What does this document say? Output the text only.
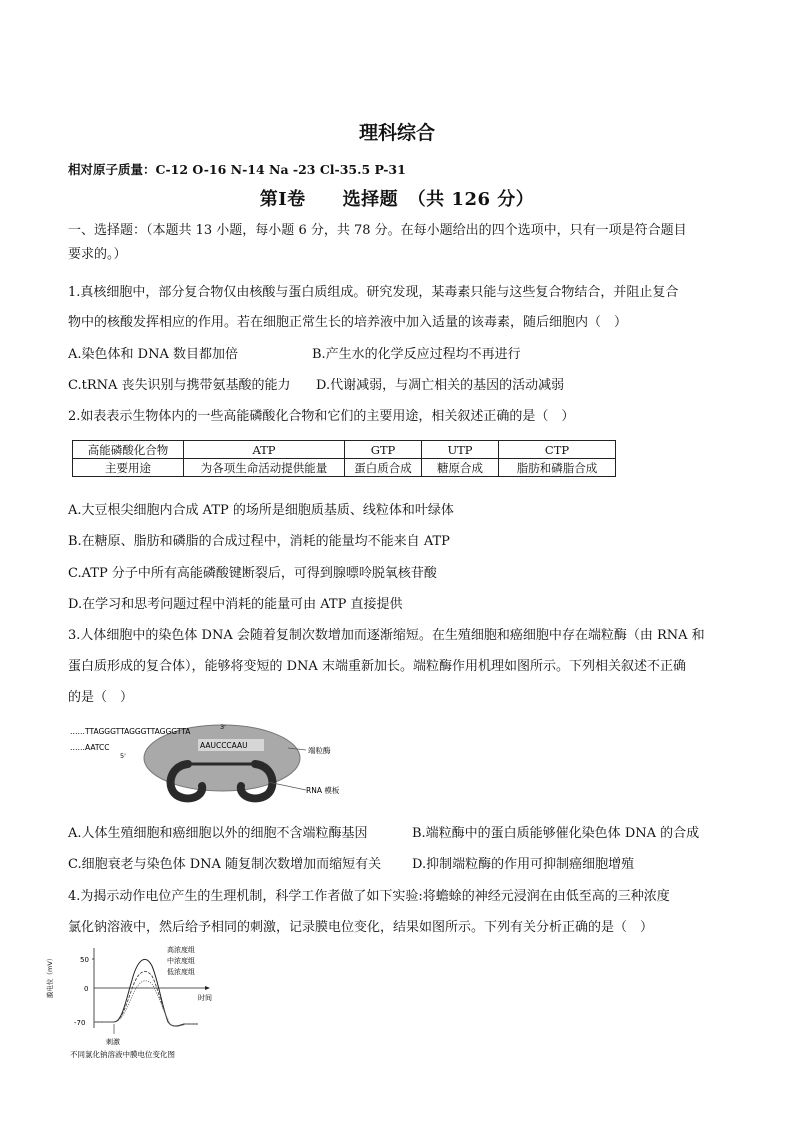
理科综合
相对原子质量：C-12 O-16 N-14 Na -23 Cl-35.5 P-31
第Ⅰ卷　　选择题　（共 126 分）
一、选择题：（本题共 13 小题，每小题 6 分，共 78 分。在每小题给出的四个选项中，只有一项是符合题目
要求的。）
1.真核细胞中，部分复合物仅由核酸与蛋白质组成。研究发现，某毒素只能与这些复合物结合，并阻止复合
物中的核酸发挥相应的作用。若在细胞正常生长的培养液中加入适量的该毒素，随后细胞内（　）
A.染色体和 DNA 数目都加倍	B.产生水的化学反应过程均不再进行
C.tRNA 丧失识别与携带氨基酸的能力 D.代谢减弱，与凋亡相关的基因的活动减弱
2.如表表示生物体内的一些高能磷酸化合物和它们的主要用途，相关叙述正确的是（　）
高能磷酸化合物	ATP	GTP	UTP	CTP
主要用途	为各项生命活动提供能量	蛋白质合成	糖原合成	脂肪和磷脂合成
A.大豆根尖细胞内合成 ATP 的场所是细胞质基质、线粒体和叶绿体
B.在糖原、脂肪和磷脂的合成过程中，消耗的能量均不能来自 ATP
C.ATP 分子中所有高能磷酸键断裂后，可得到腺嘌呤脱氧核苷酸
D.在学习和思考问题过程中消耗的能量可由 ATP 直接提供
3.人体细胞中的染色体 DNA 会随着复制次数增加而逐渐缩短。在生殖细胞和癌细胞中存在端粒酶（由 RNA 和
蛋白质形成的复合体），能够将变短的 DNA 末端重新加长。端粒酶作用机理如图所示。下列相关叙述不正确
的是（　）
……TTAGGGTTAGGGTTAGGGTTA	3'
……AATCC
5'
AAUCCCAAU
端粒酶
RNA 模板
A.人体生殖细胞和癌细胞以外的细胞不含端粒酶基因	B.端粒酶中的蛋白质能够催化染色体 DNA 的合成
C.细胞衰老与染色体 DNA 随复制次数增加而缩短有关 D.抑制端粒酶的作用可抑制癌细胞增殖
4.为揭示动作电位产生的生理机制，科学工作者做了如下实验:将蟾蜍的神经元浸润在由低至高的三种浓度
氯化钠溶液中，然后给予相同的刺激，记录膜电位变化，结果如图所示。下列有关分析正确的是（　）
50
0
-70
膜电位（mV）	时间
高浓度组
中浓度组
低浓度组
刺激
不同氯化钠溶液中膜电位变化图
